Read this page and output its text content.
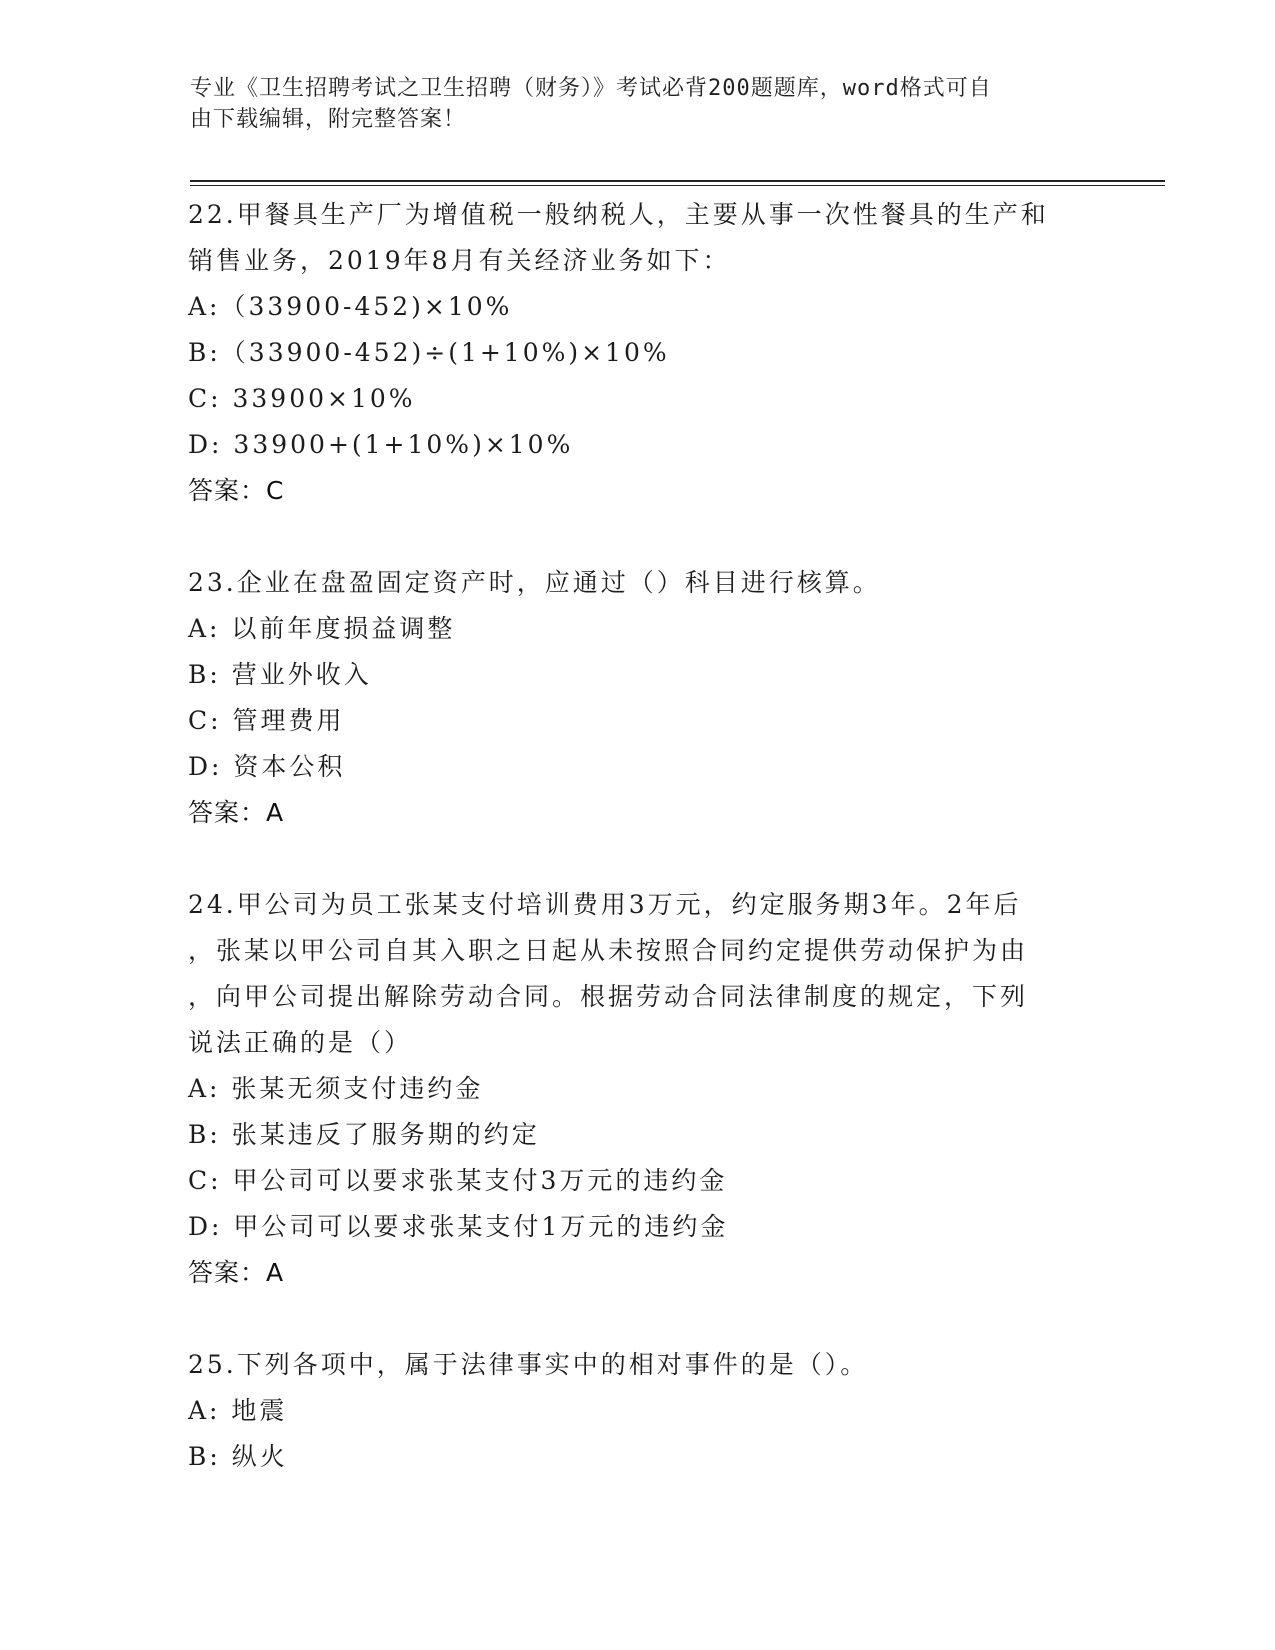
专业《卫生招聘考试之卫生招聘（财务）》考试必背200题题库，word格式可自
由下载编辑，附完整答案！
22.甲餐具生产厂为增值税一般纳税人，主要从事一次性餐具的生产和
销售业务，2019年8月有关经济业务如下：
A:（33900-452)×10%
B:（33900-452)÷(1+10%)×10%
C: 33900×10%
D: 33900+(1+10%)×10%
答案：C
23.企业在盘盈固定资产时，应通过（）科目进行核算。
A: 以前年度损益调整
B: 营业外收入
C: 管理费用
D: 资本公积
答案：A
24.甲公司为员工张某支付培训费用3万元，约定服务期3年。2年后
，张某以甲公司自其入职之日起从未按照合同约定提供劳动保护为由
，向甲公司提出解除劳动合同。根据劳动合同法律制度的规定，下列
说法正确的是（）
A: 张某无须支付违约金
B: 张某违反了服务期的约定
C: 甲公司可以要求张某支付3万元的违约金
D: 甲公司可以要求张某支付1万元的违约金
答案：A
25.下列各项中，属于法律事实中的相对事件的是（）。
A: 地震
B: 纵火
